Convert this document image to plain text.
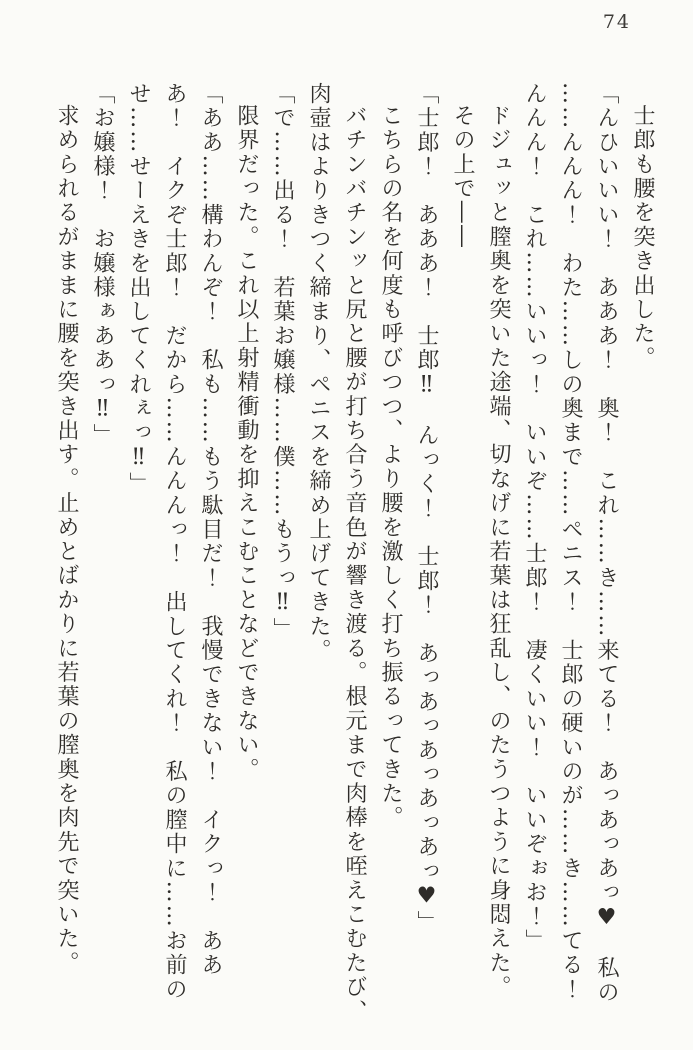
74
士郎も腰を突き出した。
「んひいいい！　あああ！　奥！　これ……き……来てる！　あっあっあっ♥　私の
……んんん！　わた……しの奥まで……ペニス！　士郎の硬いのが……き……てる！
んんん！　これ……いいっ！　いいぞ……士郎！　凄くいい！　いいぞぉお！」
ドジュッと膣奥を突いた途端、切なげに若葉は狂乱し、のたうつように身悶えた。
その上で――
「士郎！　あああ！　士郎‼　んっく！　士郎！　あっあっあっあっあっ♥」
こちらの名を何度も呼びつつ、より腰を激しく打ち振るってきた。
バチンバチンッと尻と腰が打ち合う音色が響き渡る。根元まで肉棒を咥えこむたび、
肉壺はよりきつく締まり、ペニスを締め上げてきた。
「で……出る！　若葉お嬢様……僕……もうっ‼」
限界だった。これ以上射精衝動を抑えこむことなどできない。
「ああ……構わんぞ！　私も……もう駄目だ！　我慢できない！　イクっ！　ああ
あ！　イクぞ士郎！　だから……んんんっ！　出してくれ！　私の膣中に……お前の
せ……せーえきを出してくれぇっ‼」
「お嬢様！　お嬢様ぁああっ‼」
求められるがままに腰を突き出す。止めとばかりに若葉の膣奥を肉先で突いた。
